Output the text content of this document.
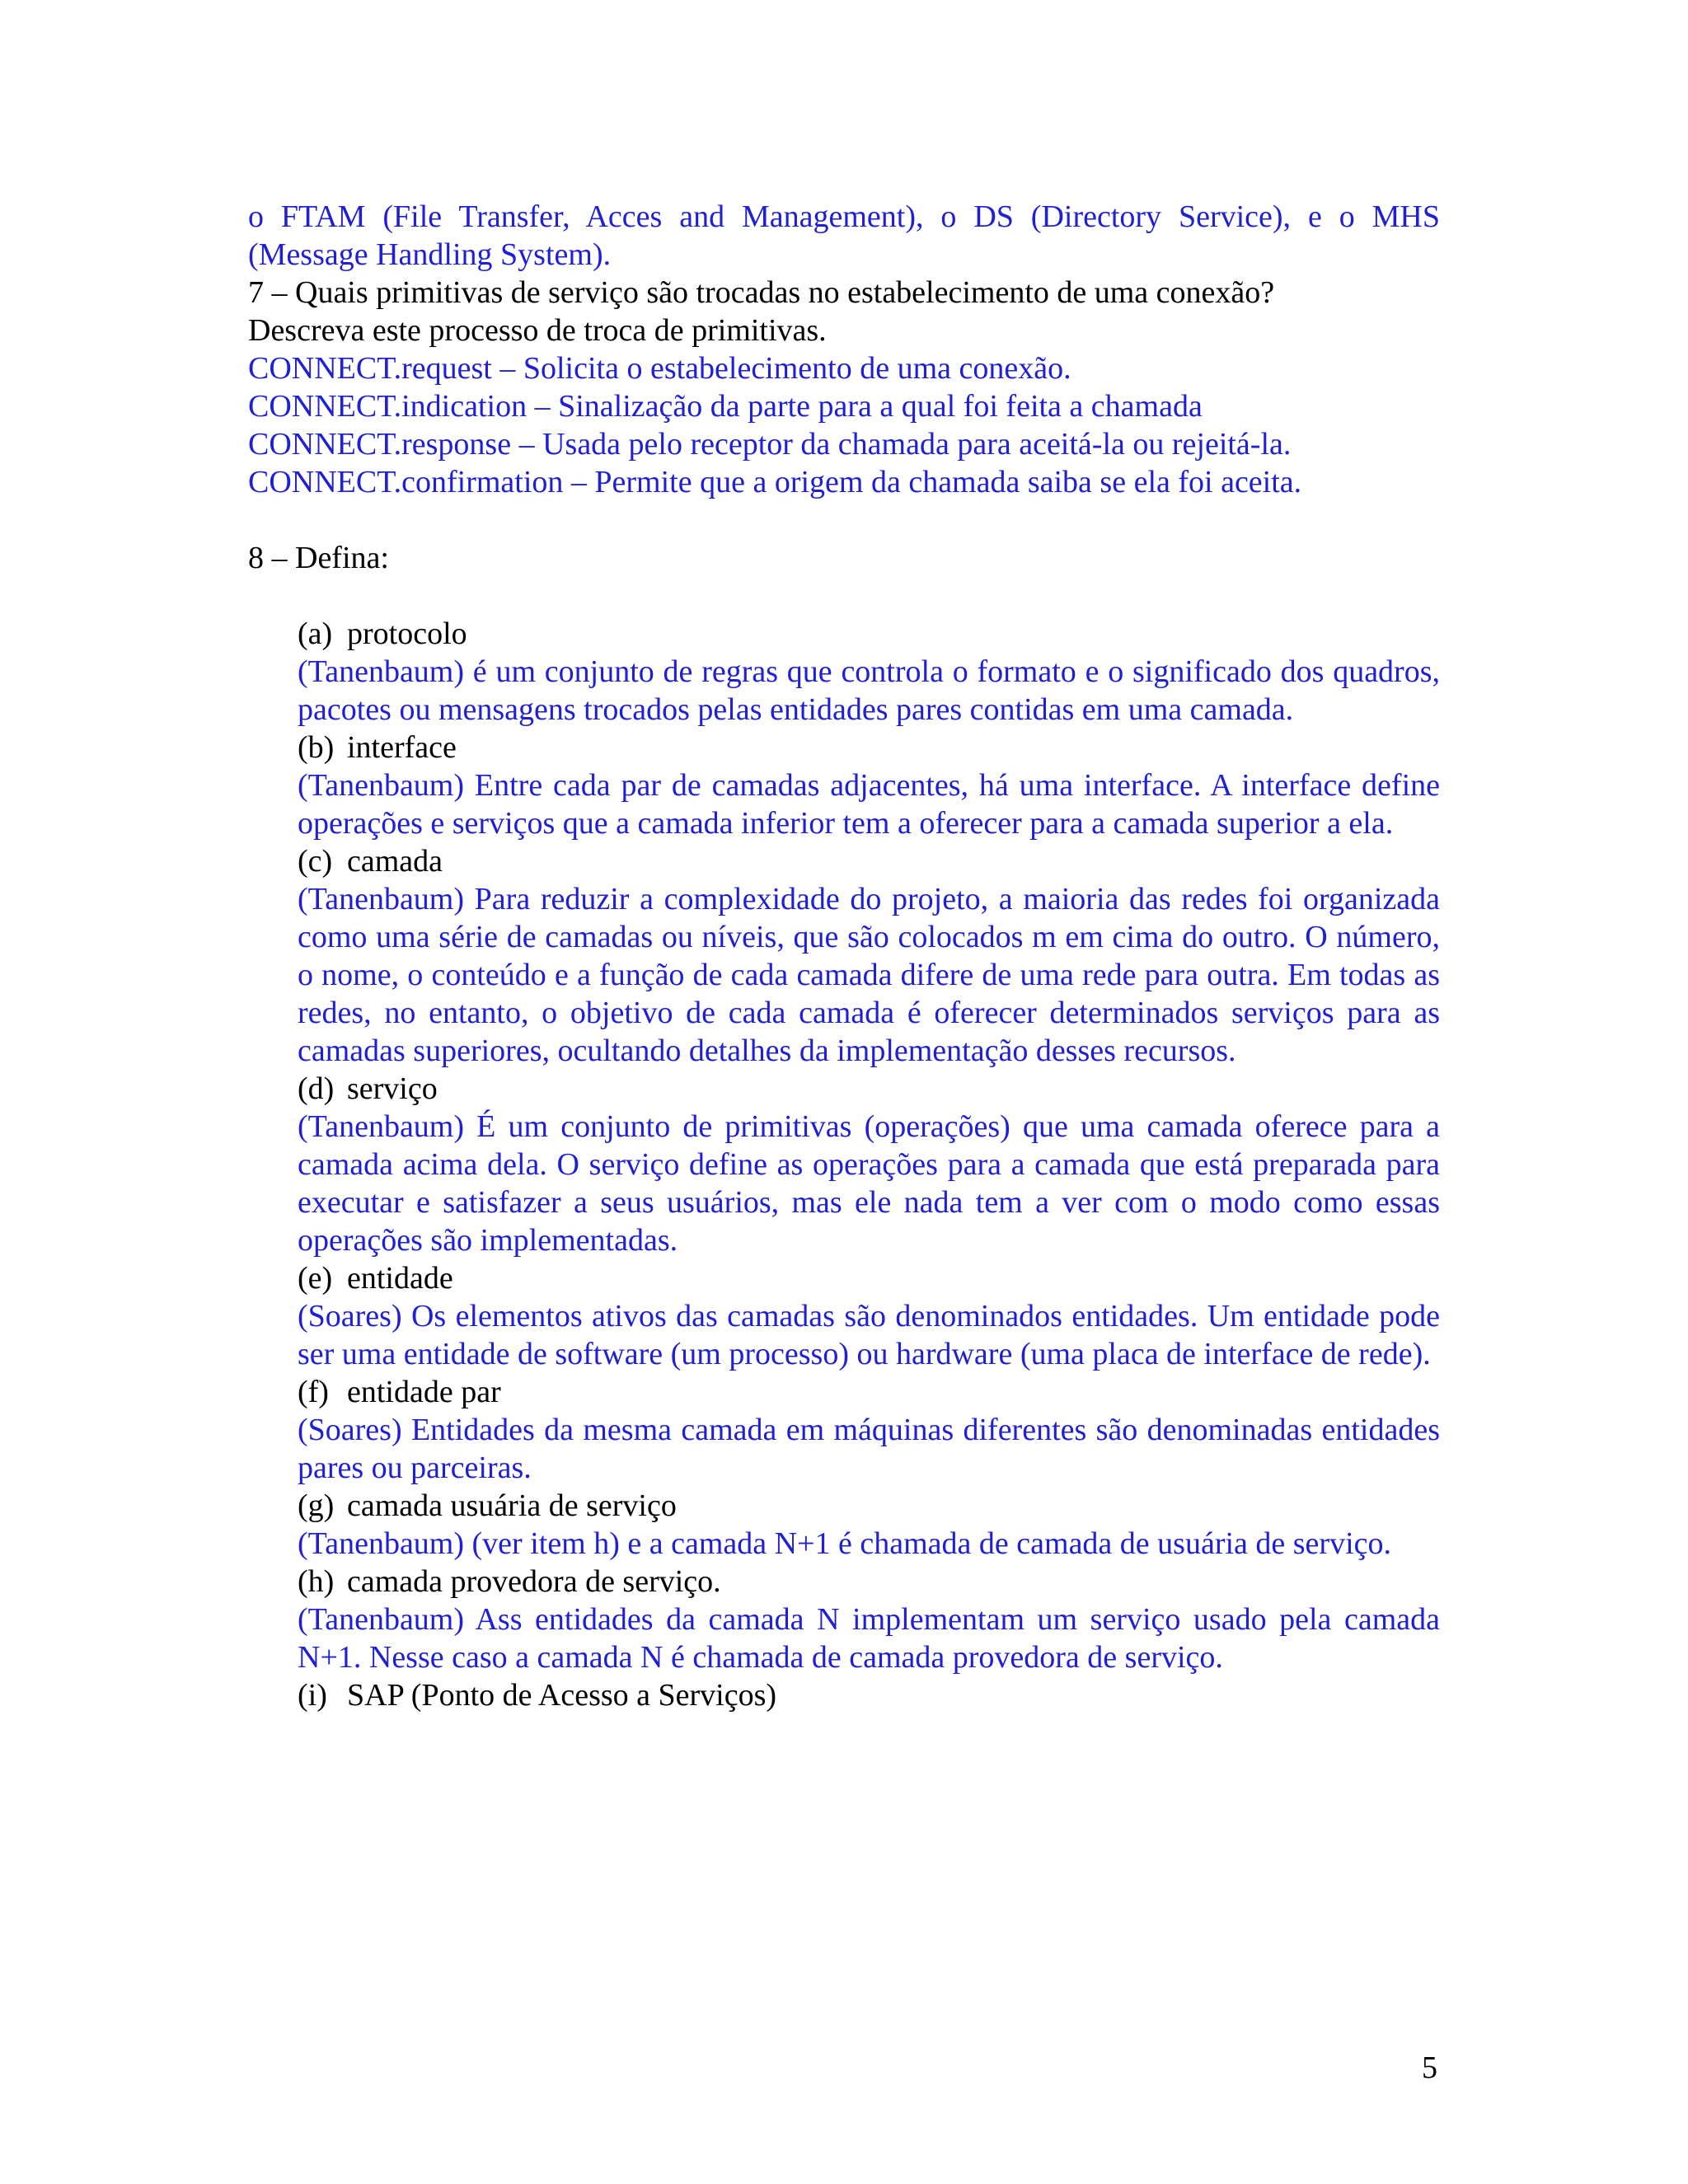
o FTAM (File Transfer, Acces and Management), o DS (Directory Service), e o MHS (Message Handling System).
7 – Quais primitivas de serviço são trocadas no estabelecimento de uma conexão?
Descreva este processo de troca de primitivas.
CONNECT.request – Solicita o estabelecimento de uma conexão.
CONNECT.indication – Sinalização da parte para a qual foi feita a chamada
CONNECT.response – Usada pelo receptor da chamada para aceitá-la ou rejeitá-la.
CONNECT.confirmation – Permite que a origem da chamada saiba se ela foi aceita.
8 – Defina:
(a) protocolo
(Tanenbaum) é um conjunto de regras que controla o formato e o significado dos quadros, pacotes ou mensagens trocados pelas entidades pares contidas em uma camada.
(b) interface
(Tanenbaum) Entre cada par de camadas adjacentes, há uma interface. A interface define operações e serviços que a camada inferior tem a oferecer para a camada superior a ela.
(c) camada
(Tanenbaum) Para reduzir a complexidade do projeto, a maioria das redes foi organizada como uma série de camadas ou níveis, que são colocados m em cima do outro. O número, o nome, o conteúdo e a função de cada camada difere de uma rede para outra. Em todas as redes, no entanto, o objetivo de cada camada é oferecer determinados serviços para as camadas superiores, ocultando detalhes da implementação desses recursos.
(d) serviço
(Tanenbaum) É um conjunto de primitivas (operações) que uma camada oferece para a camada acima dela. O serviço define as operações para a camada que está preparada para executar e satisfazer a seus usuários, mas ele nada tem a ver com o modo como essas operações são implementadas.
(e) entidade
(Soares) Os elementos ativos das camadas são denominados entidades. Um entidade pode ser uma entidade de software (um processo) ou hardware (uma placa de interface de rede).
(f) entidade par
(Soares) Entidades da mesma camada em máquinas diferentes são denominadas entidades pares ou parceiras.
(g) camada usuária de serviço
(Tanenbaum) (ver item h) e a camada N+1 é chamada de camada de usuária de serviço.
(h) camada provedora de serviço.
(Tanenbaum) Ass entidades da camada N implementam um serviço usado pela camada N+1. Nesse caso a camada N é chamada de camada provedora de serviço.
(i) SAP (Ponto de Acesso a Serviços)
5
